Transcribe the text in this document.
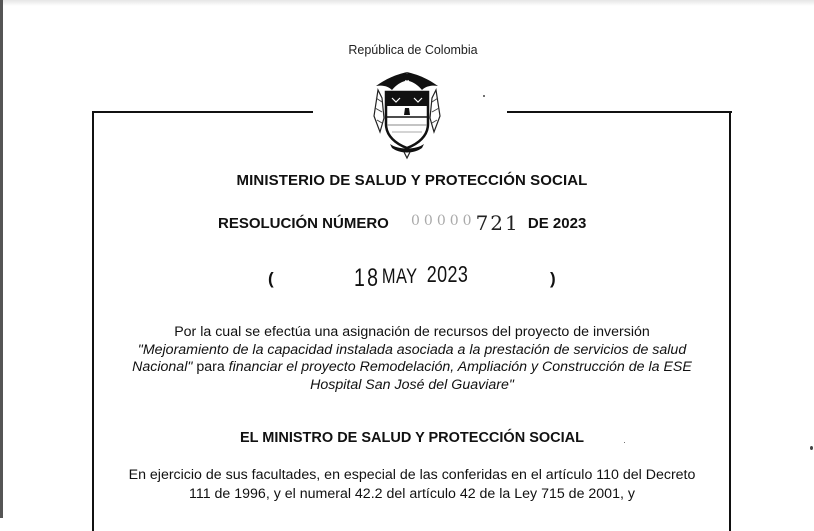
República de Colombia
MINISTERIO DE SALUD Y PROTECCIÓN SOCIAL
RESOLUCIÓN NÚMERO $^{00000}$721 DE 2023
(	18MAY 2023	)
Por la cual se efectúa una asignación de recursos del proyecto de inversión
"Mejoramiento de la capacidad instalada asociada a la prestación de servicios de salud
Nacional" para financiar el proyecto Remodelación, Ampliación y Construcción de la ESE
Hospital San José del Guaviare"
EL MINISTRO DE SALUD Y PROTECCIÓN SOCIAL
En ejercicio de sus facultades, en especial de las conferidas en el artículo 110 del Decreto
111 de 1996, y el numeral 42.2 del artículo 42 de la Ley 715 de 2001, y
